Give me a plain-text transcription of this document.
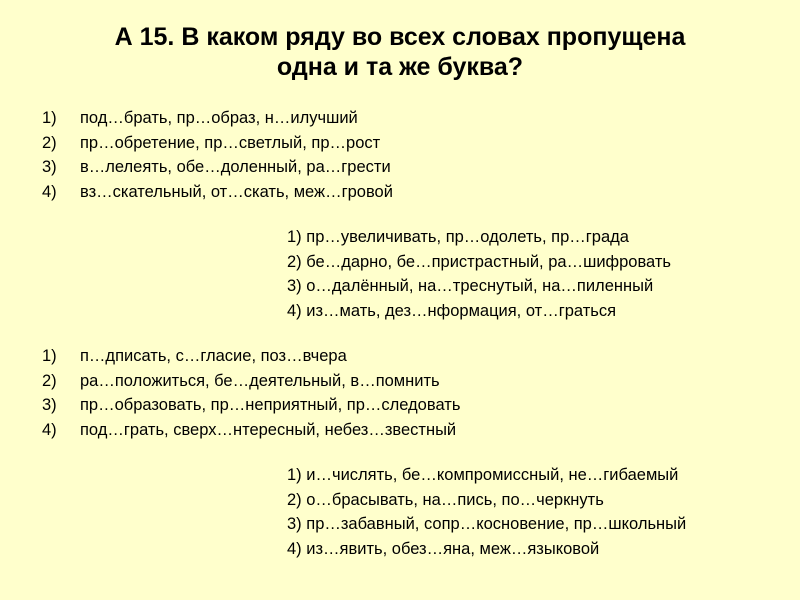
А 15. В каком ряду во всех словах пропущена
одна и та же буква?
1)	под…брать, пр…образ, н…илучший
2)	пр…обретение, пр…светлый, пр…рост
3)	в…лелеять, обе…доленный, ра…грести
4)	вз…скательный, от…скать, меж…гровой
1) пр…увеличивать, пр…одолеть, пр…града
2) бе…дарно, бе…пристрастный, ра…шифровать
3) о…далённый, на…треснутый, на…пиленный
4) из…мать, дез…нформация, от…граться
1)	п…дписать, с…гласие, поз…вчера
2)	ра…положиться, бе…деятельный, в…помнить
3)	пр…образовать, пр…неприятный, пр…следовать
4)	под…грать, сверх…нтересный, небез…звестный
1) и…числять, бе…компромиссный, не…гибаемый
2) о…брасывать, на…пись, по…черкнуть
3) пр…забавный, сопр…косновение, пр…школьный
4) из…явить, обез…яна, меж…языковой
